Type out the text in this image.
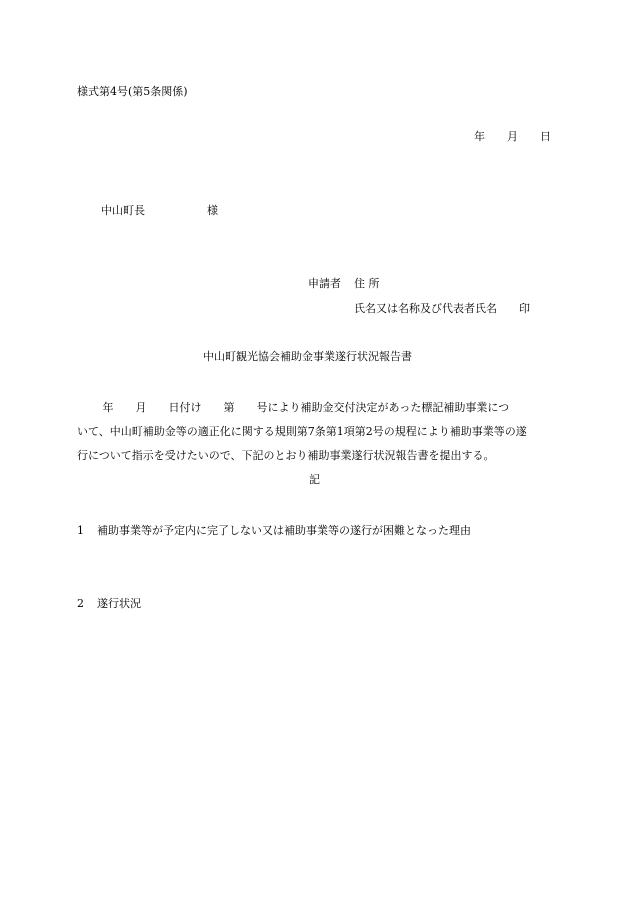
様式第4号(第5条関係)
年　　月　　日
中山町長	様
申請者 住 所
氏名又は名称及び代表者氏名 印
中山町観光協会補助金事業遂行状況報告書
　　 年　　月　　日付け　　第　　号により補助金交付決定があった標記補助事業につ
いて、中山町補助金等の適正化に関する規則第7条第1項第2号の規程により補助事業等の遂
行について指示を受けたいので、下記のとおり補助事業遂行状況報告書を提出する。
記
1 補助事業等が予定内に完了しない又は補助事業等の遂行が困難となった理由
2 遂行状況
